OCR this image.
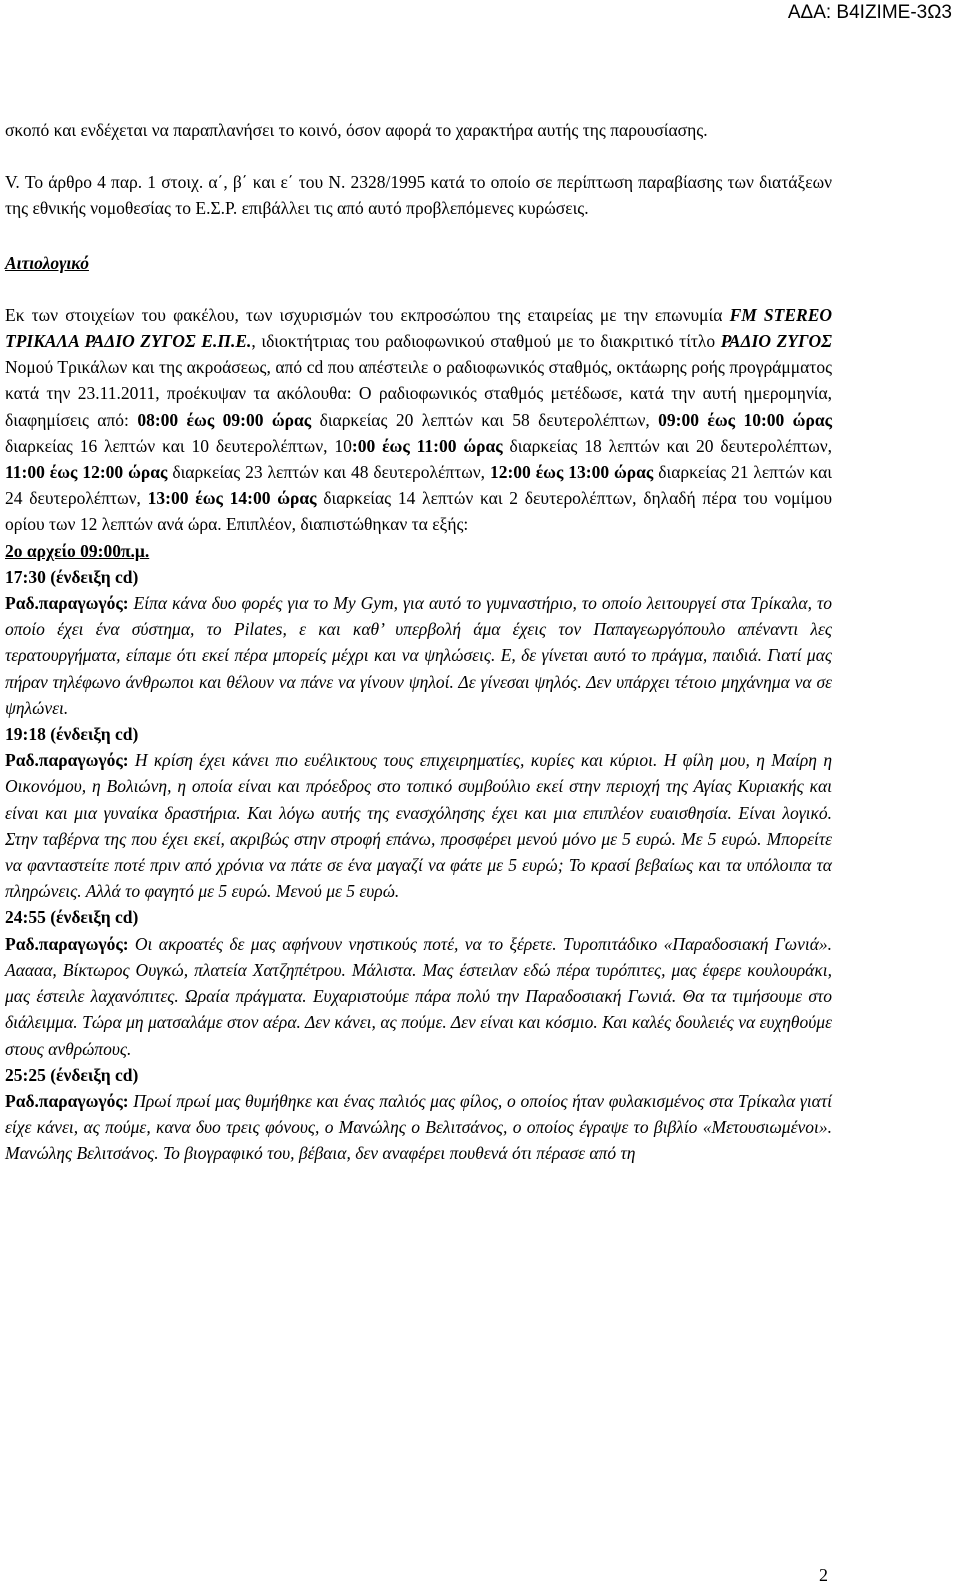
ΑΔΑ: Β4ΙΖΙΜΕ-3Ω3

σκοπό και ενδέχεται να παραπλανήσει το κοινό, όσον αφορά το χαρακτήρα αυτής της παρουσίασης.

V. Το άρθρο 4 παρ. 1 στοιχ. α΄, β΄ και ε΄ του Ν. 2328/1995 κατά το οποίο σε περίπτωση παραβίασης των διατάξεων της εθνικής νομοθεσίας το Ε.Σ.Ρ. επιβάλλει τις από αυτό προβλεπόμενες κυρώσεις.

Αιτιολογικό

Εκ των στοιχείων του φακέλου, των ισχυρισμών του εκπροσώπου της εταιρείας με την επωνυμία FM STEREO ΤΡΙΚΑΛΑ ΡΑΔΙΟ ΖΥΓΟΣ Ε.Π.Ε., ιδιοκτήτριας του ραδιοφωνικού σταθμού με το διακριτικό τίτλο ΡΑΔΙΟ ΖΥΓΟΣ Νομού Τρικάλων και της ακροάσεως, από cd που απέστειλε ο ραδιοφωνικός σταθμός, οκτάωρης ροής προγράμματος κατά την 23.11.2011, προέκυψαν τα ακόλουθα: Ο ραδιοφωνικός σταθμός μετέδωσε, κατά την αυτή ημερομηνία, διαφημίσεις από: 08:00 έως 09:00 ώρας διαρκείας 20 λεπτών και 58 δευτερολέπτων, 09:00 έως 10:00 ώρας διαρκείας 16 λεπτών και 10 δευτερολέπτων, 10:00 έως 11:00 ώρας διαρκείας 18 λεπτών και 20 δευτερολέπτων, 11:00 έως 12:00 ώρας διαρκείας 23 λεπτών και 48 δευτερολέπτων, 12:00 έως 13:00 ώρας διαρκείας 21 λεπτών και 24 δευτερολέπτων, 13:00 έως 14:00 ώρας διαρκείας 14 λεπτών και 2 δευτερολέπτων, δηλαδή πέρα του νομίμου ορίου των 12 λεπτών ανά ώρα. Επιπλέον, διαπιστώθηκαν τα εξής:

2ο αρχείο 09:00π.μ.

17:30 (ένδειξη cd)

Ραδ.παραγωγός: Είπα κάνα δυο φορές για το My Gym, για αυτό το γυμναστήριο, το οποίο λειτουργεί στα Τρίκαλα, το οποίο έχει ένα σύστημα, το Pilates, ε και καθ’ υπερβολή άμα έχεις τον Παπαγεωργόπουλο απέναντι λες τερατουργήματα, είπαμε ότι εκεί πέρα μπορείς μέχρι και να ψηλώσεις. Ε, δε γίνεται αυτό το πράγμα, παιδιά. Γιατί μας πήραν τηλέφωνο άνθρωποι και θέλουν να πάνε να γίνουν ψηλοί. Δε γίνεσαι ψηλός. Δεν υπάρχει τέτοιο μηχάνημα να σε ψηλώνει.

19:18 (ένδειξη cd)

Ραδ.παραγωγός: Η κρίση έχει κάνει πιο ευέλικτους τους επιχειρηματίες, κυρίες και κύριοι. Η φίλη μου, η Μαίρη η Οικονόμου, η Βολιώνη, η οποία είναι και πρόεδρος στο τοπικό συμβούλιο εκεί στην περιοχή της Αγίας Κυριακής και είναι και μια γυναίκα δραστήρια. Και λόγω αυτής της ενασχόλησης έχει και μια επιπλέον ευαισθησία. Είναι λογικό. Στην ταβέρνα της που έχει εκεί, ακριβώς στην στροφή επάνω, προσφέρει μενού μόνο με 5 ευρώ. Με 5 ευρώ. Μπορείτε να φανταστείτε ποτέ πριν από χρόνια να πάτε σε ένα μαγαζί να φάτε με 5 ευρώ; Το κρασί βεβαίως και τα υπόλοιπα τα πληρώνεις. Αλλά το φαγητό με 5 ευρώ. Μενού με 5 ευρώ.

24:55 (ένδειξη cd)

Ραδ.παραγωγός: Οι ακροατές δε μας αφήνουν νηστικούς ποτέ, να το ξέρετε. Τυροπιτάδικο «Παραδοσιακή Γωνιά». Ααααα, Βίκτωρος Ουγκώ, πλατεία Χατζηπέτρου. Μάλιστα. Μας έστειλαν εδώ πέρα τυρόπιτες, μας έφερε κουλουράκι, μας έστειλε λαχανόπιτες. Ωραία πράγματα. Ευχαριστούμε πάρα πολύ την Παραδοσιακή Γωνιά. Θα τα τιμήσουμε στο διάλειμμα. Τώρα μη ματσαλάμε στον αέρα. Δεν κάνει, ας πούμε. Δεν είναι και κόσμιο. Και καλές δουλειές να ευχηθούμε στους ανθρώπους.

25:25 (ένδειξη cd)

Ραδ.παραγωγός: Πρωί πρωί μας θυμήθηκε και ένας παλιός μας φίλος, ο οποίος ήταν φυλακισμένος στα Τρίκαλα γιατί είχε κάνει, ας πούμε, κανα δυο τρεις φόνους, ο Μανώλης ο Βελιτσάνος, ο οποίος έγραψε το βιβλίο «Μετουσιωμένοι». Μανώλης Βελιτσάνος. Το βιογραφικό του, βέβαια, δεν αναφέρει πουθενά ότι πέρασε από τη

2
